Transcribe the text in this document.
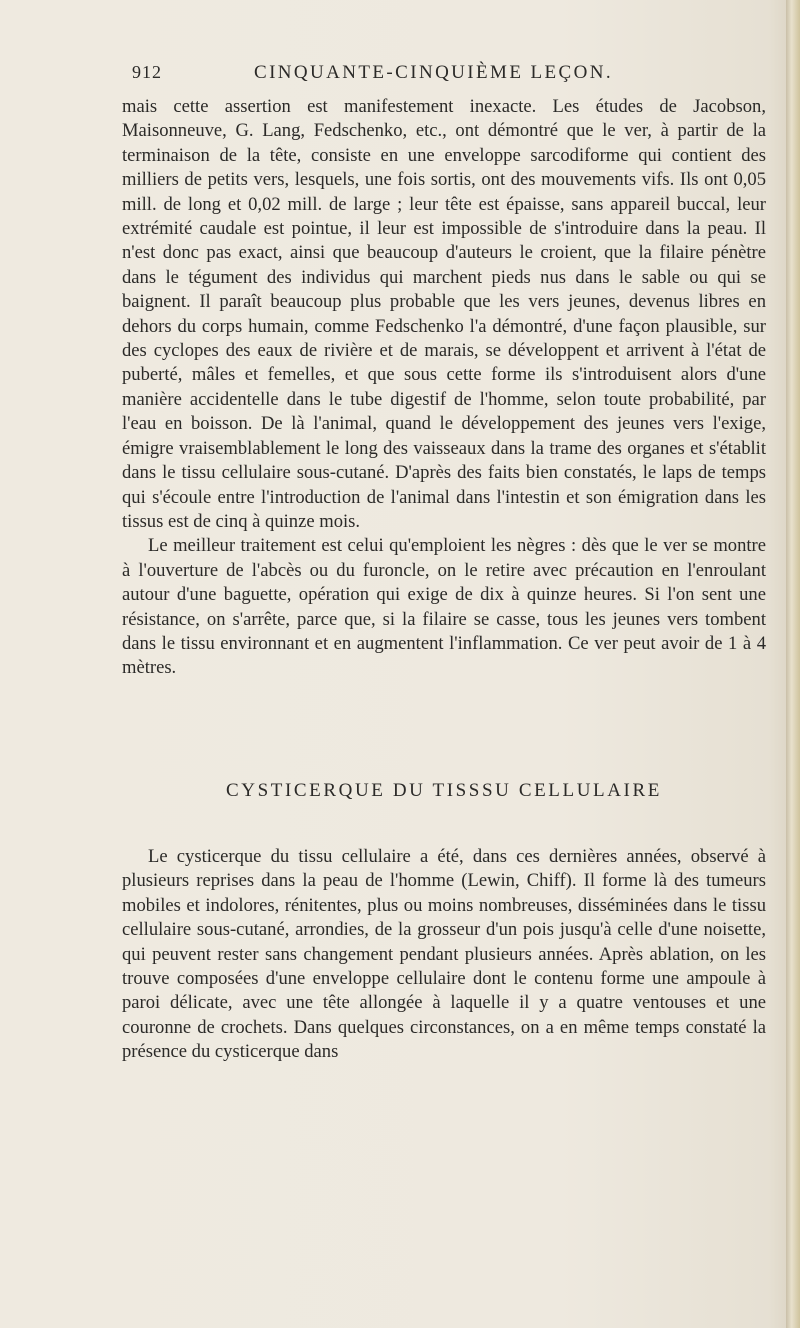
912	CINQUANTE-CINQUIÈME LEÇON.

mais cette assertion est manifestement inexacte. Les études de Jacobson, Maisonneuve, G. Lang, Fedschenko, etc., ont démontré que le ver, à partir de la terminaison de la tête, consiste en une enveloppe sarcodiforme qui contient des milliers de petits vers, lesquels, une fois sortis, ont des mouvements vifs. Ils ont 0,05 mill. de long et 0,02 mill. de large ; leur tête est épaisse, sans appareil buccal, leur extrémité caudale est pointue, il leur est impossible de s'introduire dans la peau. Il n'est donc pas exact, ainsi que beaucoup d'auteurs le croient, que la filaire pénètre dans le tégument des individus qui marchent pieds nus dans le sable ou qui se baignent. Il paraît beaucoup plus probable que les vers jeunes, devenus libres en dehors du corps humain, comme Fedschenko l'a démontré, d'une façon plausible, sur des cyclopes des eaux de rivière et de marais, se développent et arrivent à l'état de puberté, mâles et femelles, et que sous cette forme ils s'introduisent alors d'une manière accidentelle dans le tube digestif de l'homme, selon toute probabilité, par l'eau en boisson. De là l'animal, quand le développement des jeunes vers l'exige, émigre vraisemblablement le long des vaisseaux dans la trame des organes et s'établit dans le tissu cellulaire sous-cutané. D'après des faits bien constatés, le laps de temps qui s'écoule entre l'introduction de l'animal dans l'intestin et son émigration dans les tissus est de cinq à quinze mois.

Le meilleur traitement est celui qu'emploient les nègres : dès que le ver se montre à l'ouverture de l'abcès ou du furoncle, on le retire avec précaution en l'enroulant autour d'une baguette, opération qui exige de dix à quinze heures. Si l'on sent une résistance, on s'arrête, parce que, si la filaire se casse, tous les jeunes vers tombent dans le tissu environnant et en augmentent l'inflammation. Ce ver peut avoir de 1 à 4 mètres.

CYSTICERQUE DU TISSSU CELLULAIRE

Le cysticerque du tissu cellulaire a été, dans ces dernières années, observé à plusieurs reprises dans la peau de l'homme (Lewin, Chiff). Il forme là des tumeurs mobiles et indolores, rénitentes, plus ou moins nombreuses, disséminées dans le tissu cellulaire sous-cutané, arrondies, de la grosseur d'un pois jusqu'à celle d'une noisette, qui peuvent rester sans changement pendant plusieurs années. Après ablation, on les trouve composées d'une enveloppe cellulaire dont le contenu forme une ampoule à paroi délicate, avec une tête allongée à laquelle il y a quatre ventouses et une couronne de crochets. Dans quelques circonstances, on a en même temps constaté la présence du cysticerque dans
